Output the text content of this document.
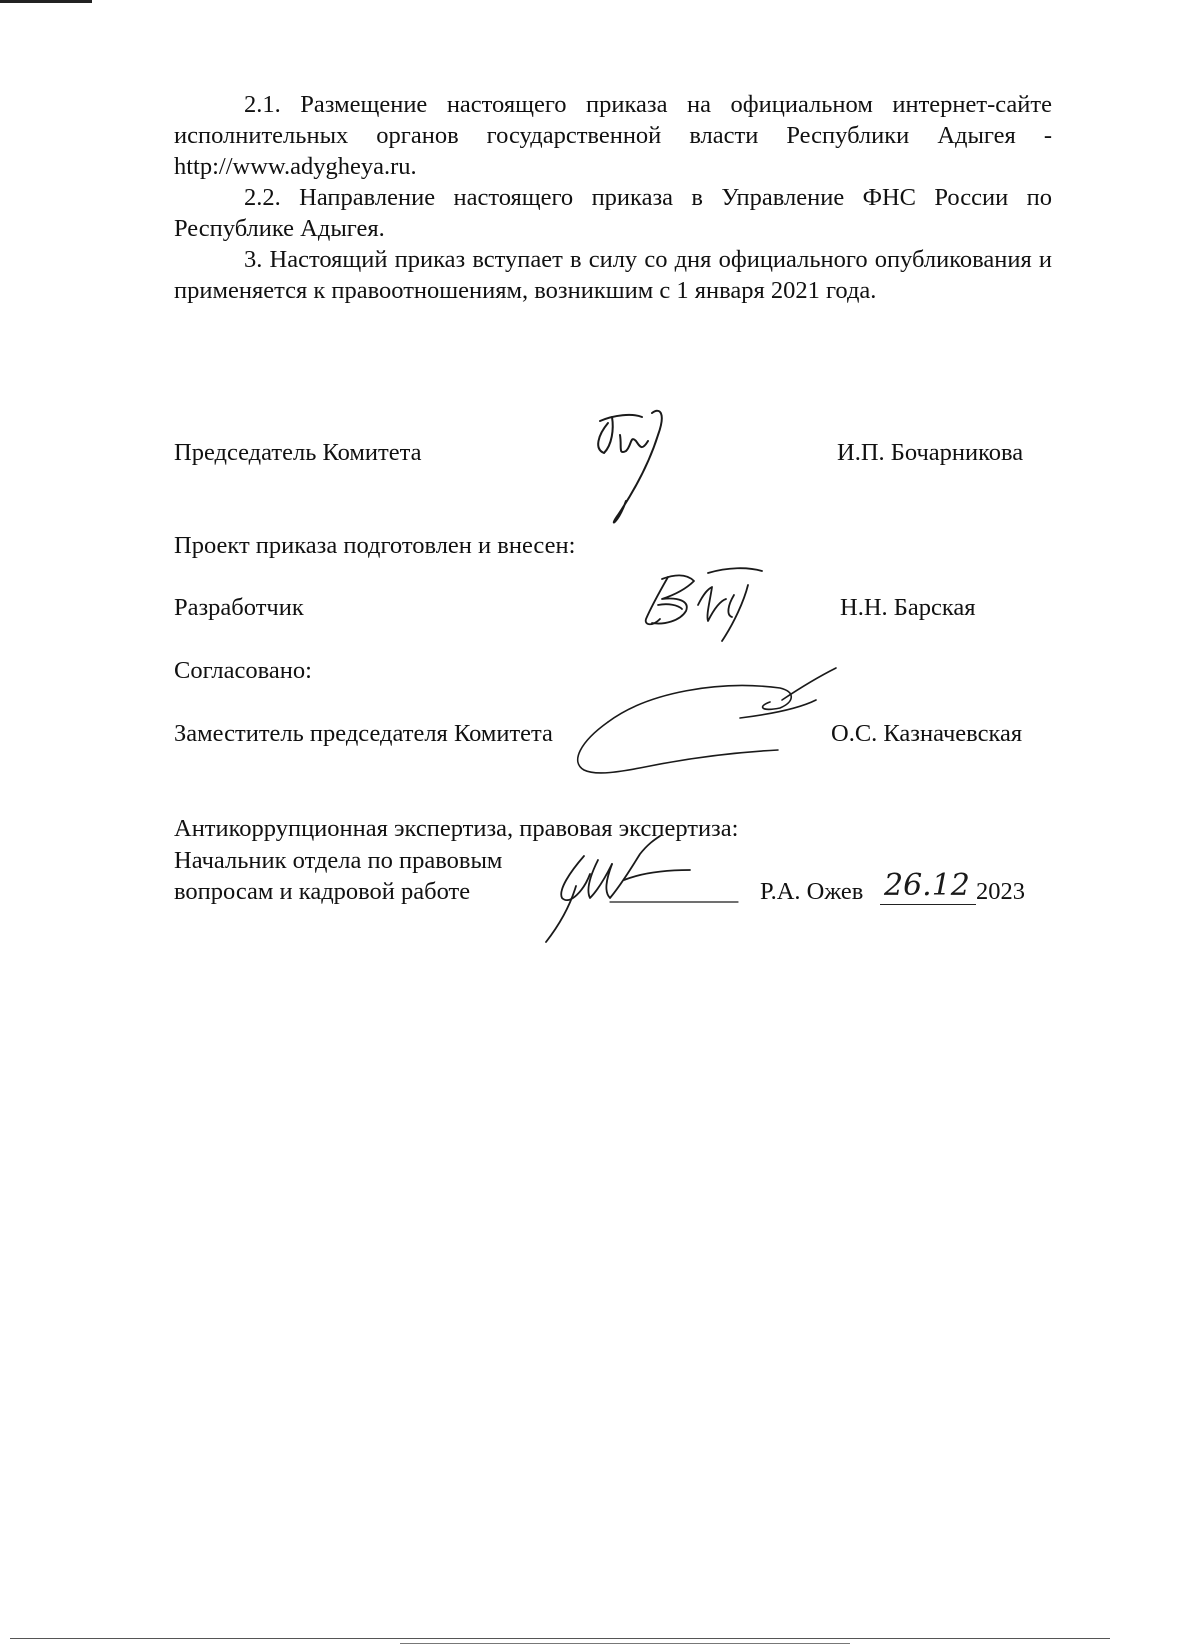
2.1. Размещение настоящего приказа на официальном интернет-сайте исполнительных органов государственной власти Республики Адыгея - http://www.adygheya.ru.

2.2. Направление настоящего приказа в Управление ФНС России по Республике Адыгея.

3. Настоящий приказ вступает в силу со дня официального опубликования и применяется к правоотношениям, возникшим с 1 января 2021 года.

Председатель Комитета	И.П. Бочарникова
Проект приказа подготовлен и внесен:
Разработчик	Н.Н. Барская
Согласовано:
Заместитель председателя Комитета	О.С. Казначевская
Антикоррупционная экспертиза, правовая экспертиза:
Начальник отдела по правовым
вопросам и кадровой работе	Р.А. Ожев 26.12 2023
